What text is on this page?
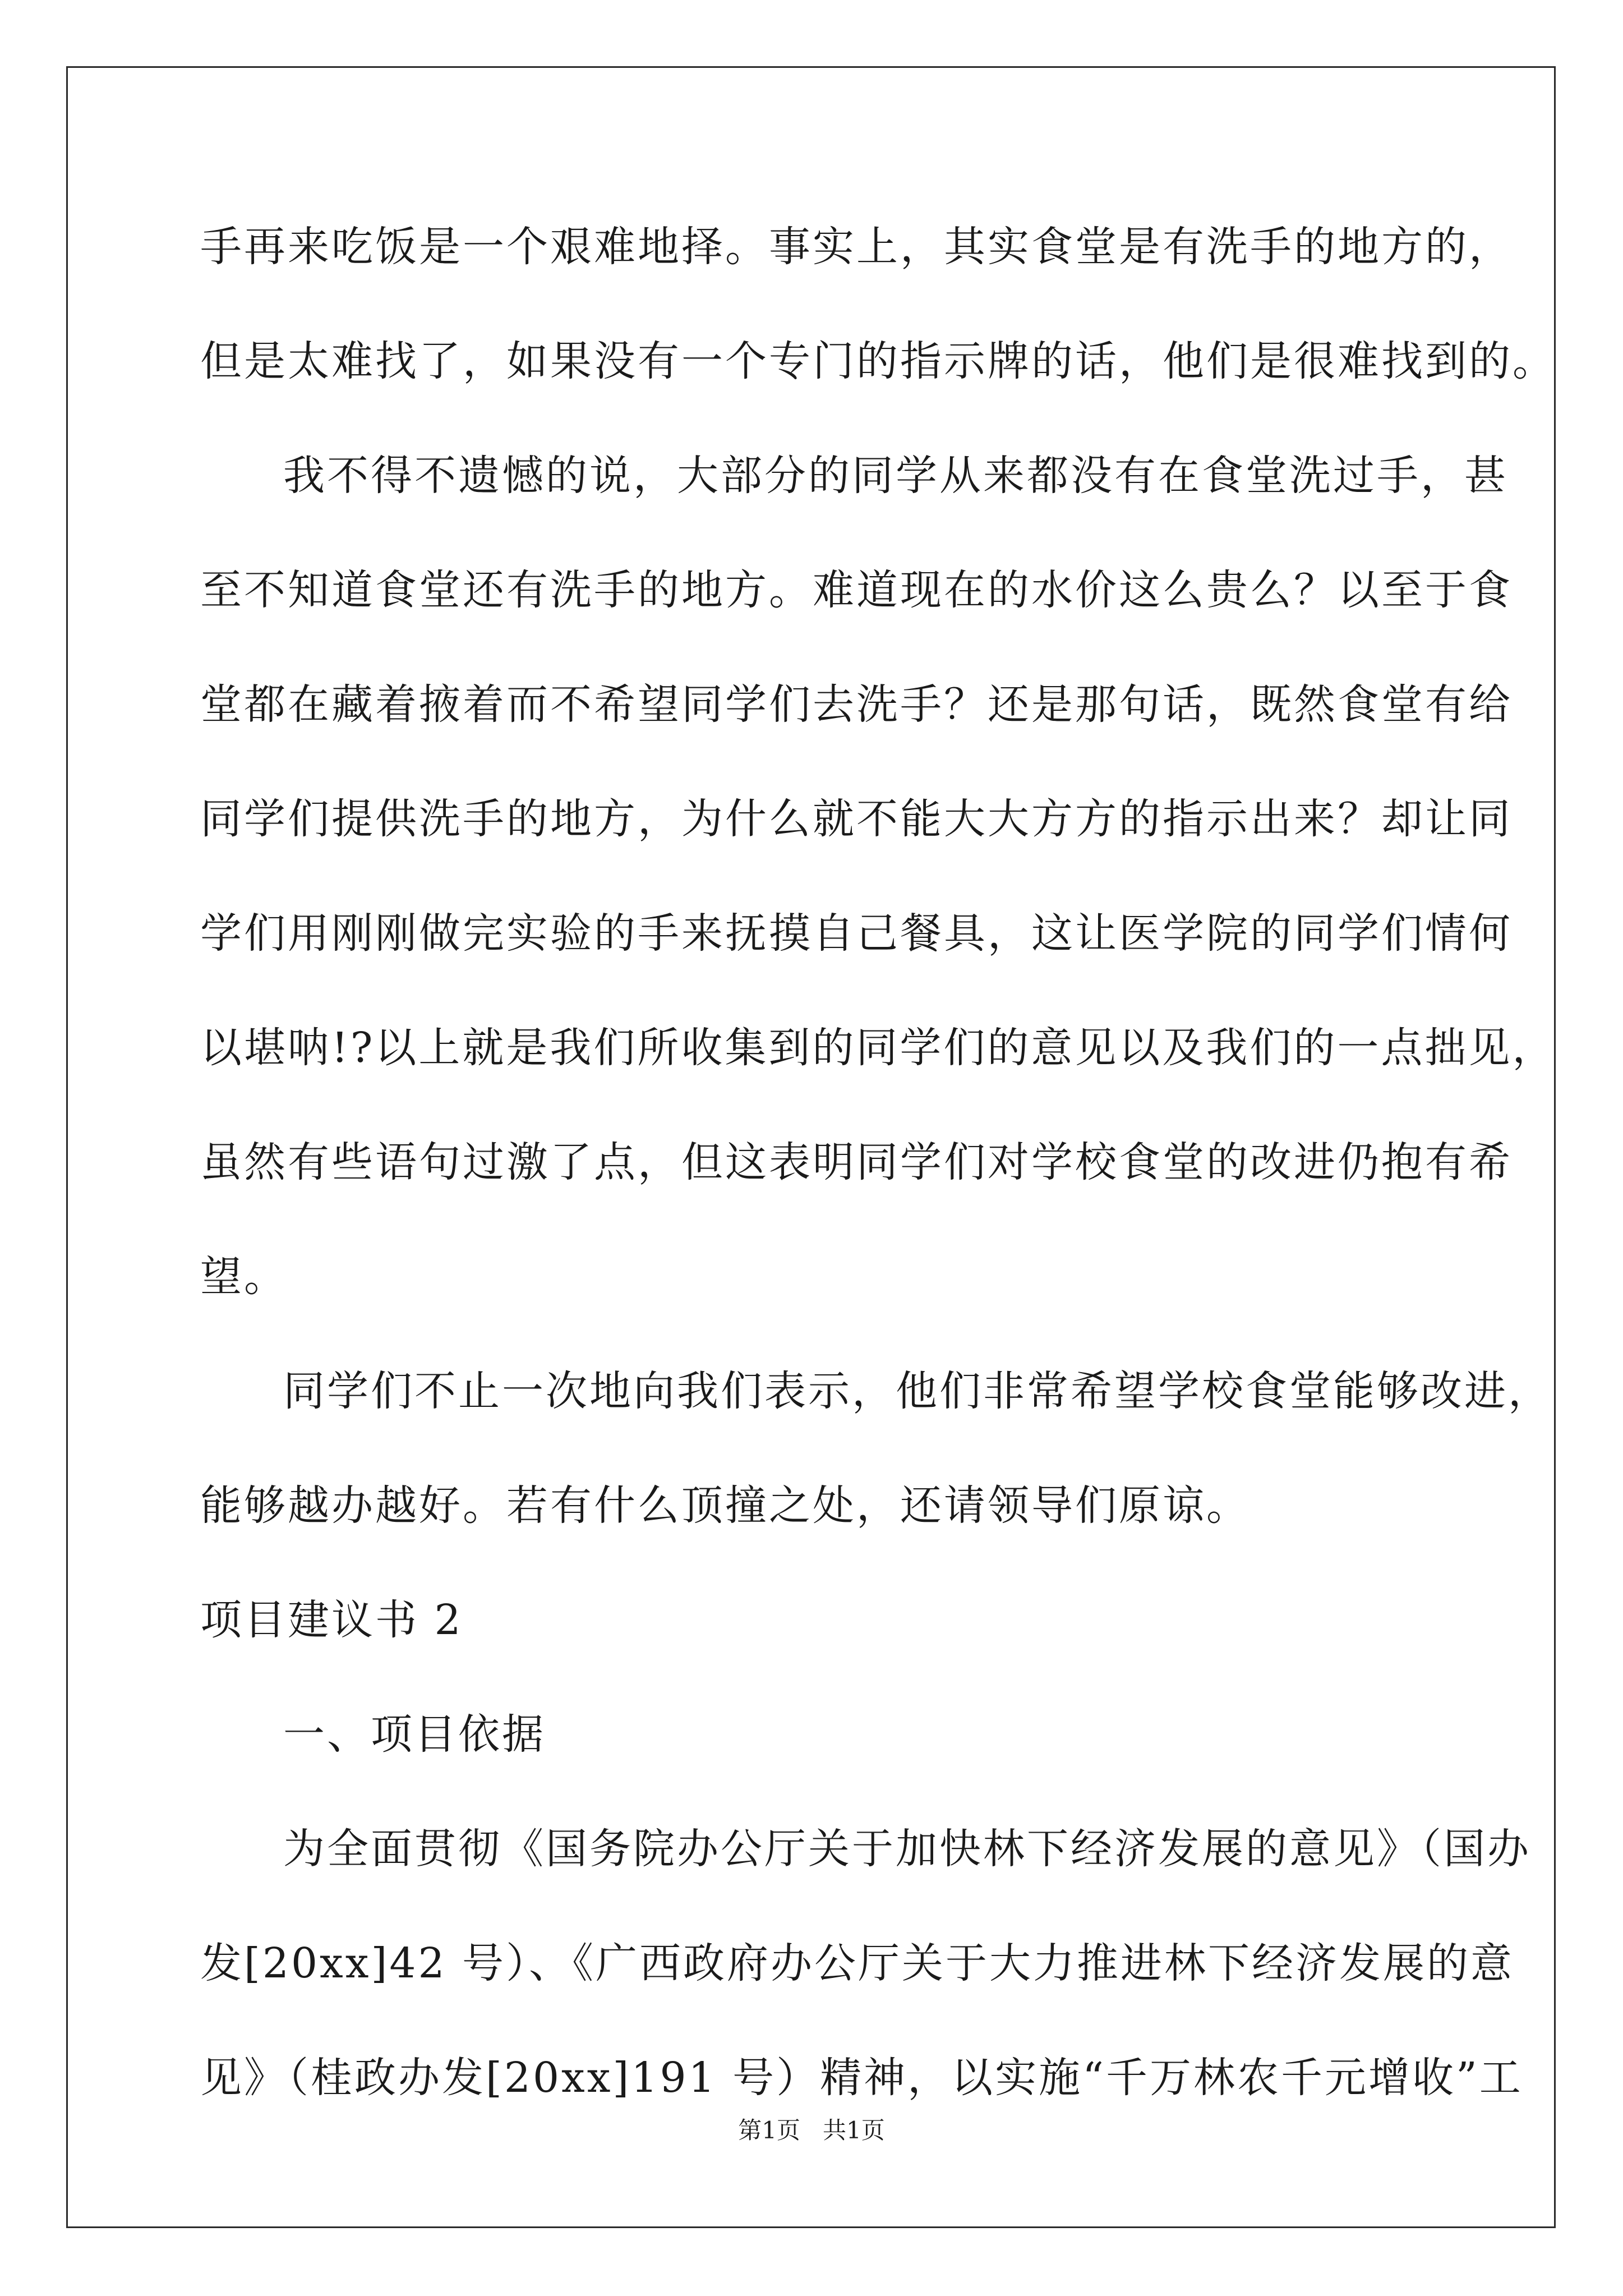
手再来吃饭是一个艰难地择。事实上，其实食堂是有洗手的地方的，
但是太难找了，如果没有一个专门的指示牌的话，他们是很难找到的。
我不得不遗憾的说，大部分的同学从来都没有在食堂洗过手，甚
至不知道食堂还有洗手的地方。难道现在的水价这么贵么？以至于食
堂都在藏着掖着而不希望同学们去洗手？还是那句话，既然食堂有给
同学们提供洗手的地方，为什么就不能大大方方的指示出来？却让同
学们用刚刚做完实验的手来抚摸自己餐具，这让医学院的同学们情何
以堪呐!?以上就是我们所收集到的同学们的意见以及我们的一点拙见，
虽然有些语句过激了点，但这表明同学们对学校食堂的改进仍抱有希
望。
同学们不止一次地向我们表示，他们非常希望学校食堂能够改进，
能够越办越好。若有什么顶撞之处，还请领导们原谅。
项目建议书 2
一、项目依据
为全面贯彻《国务院办公厅关于加快林下经济发展的意见》（国办
发[20xx]42 号）、《广西政府办公厅关于大力推进林下经济发展的意
见》（桂政办发[20xx]191 号）精神，以实施“千万林农千元增收”工
第1页   共1页
